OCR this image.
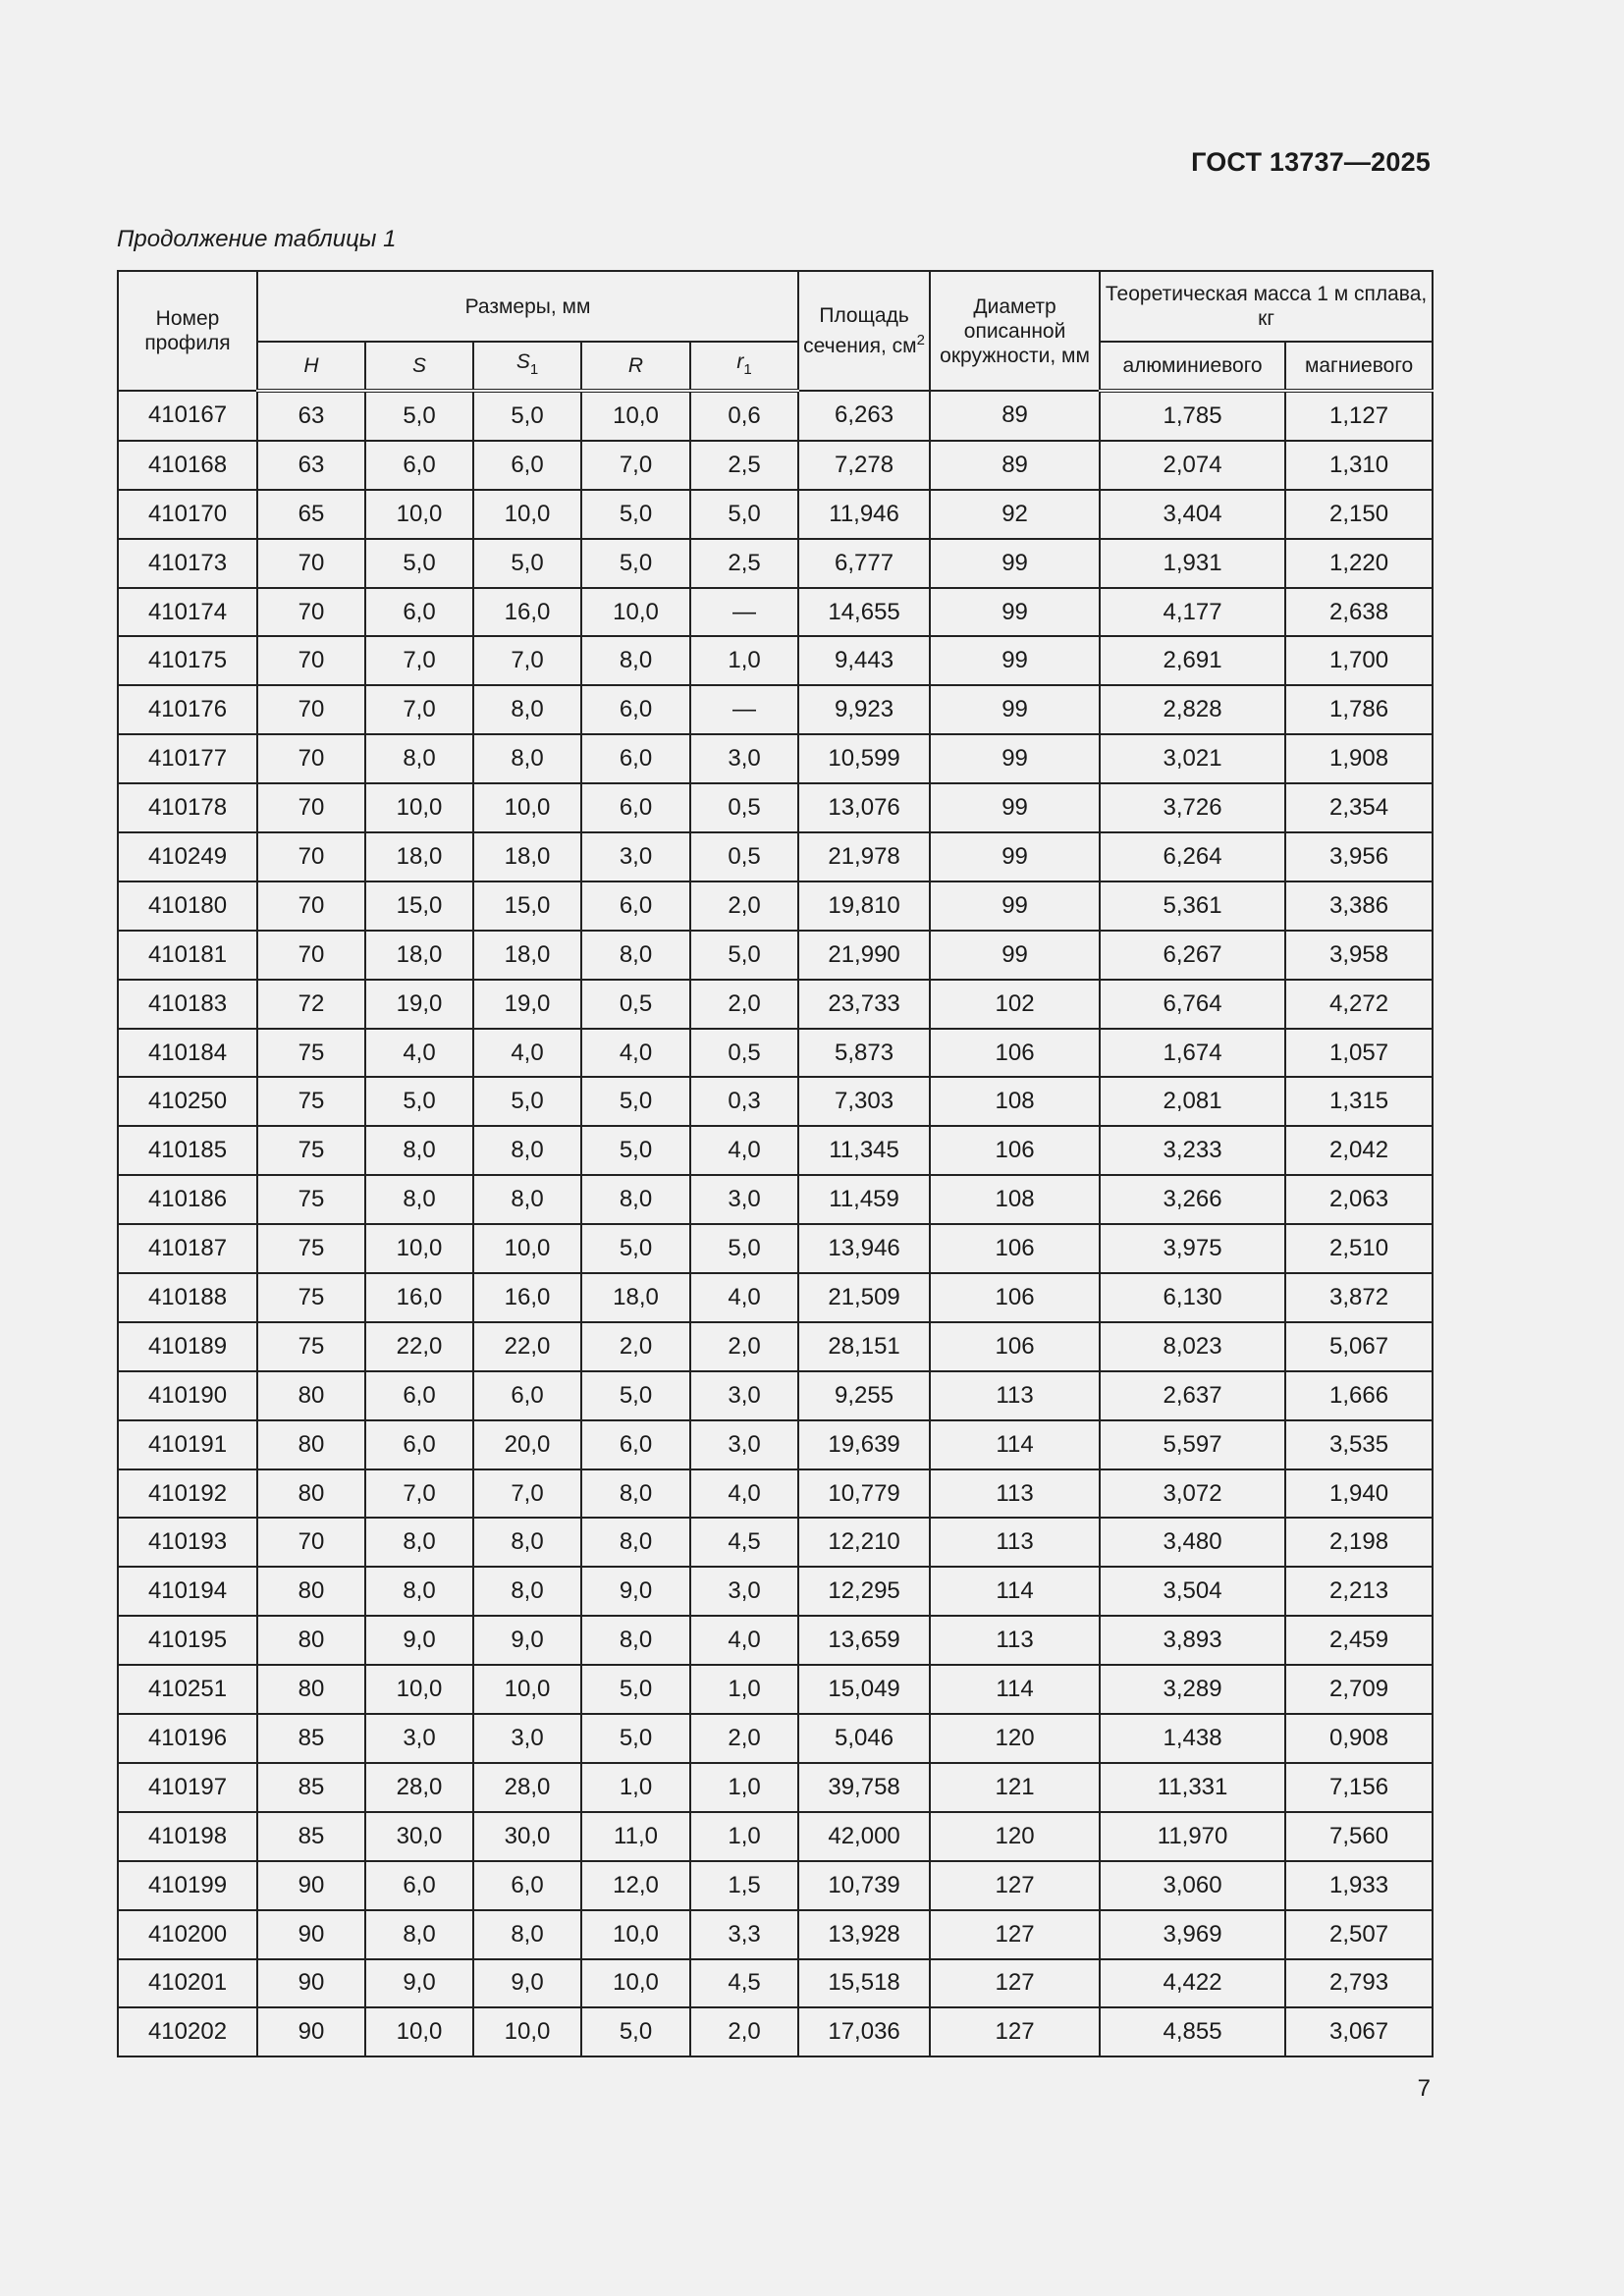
ГОСТ 13737—2025
Продолжение таблицы 1
Номер профиля	Размеры, мм					Площадь сечения, $см^2$	Диаметр описанной окружности, мм	Теоретическая масса 1 м сплава, кг	
	H	S	$S_1$	R	$r_1$			алюминиевого	магниевого
410167	63	5,0	5,0	10,0	0,6	6,263	89	1,785	1,127
410168	63	6,0	6,0	7,0	2,5	7,278	89	2,074	1,310
410170	65	10,0	10,0	5,0	5,0	11,946	92	3,404	2,150
410173	70	5,0	5,0	5,0	2,5	6,777	99	1,931	1,220
410174	70	6,0	16,0	10,0	—	14,655	99	4,177	2,638
410175	70	7,0	7,0	8,0	1,0	9,443	99	2,691	1,700
410176	70	7,0	8,0	6,0	—	9,923	99	2,828	1,786
410177	70	8,0	8,0	6,0	3,0	10,599	99	3,021	1,908
410178	70	10,0	10,0	6,0	0,5	13,076	99	3,726	2,354
410249	70	18,0	18,0	3,0	0,5	21,978	99	6,264	3,956
410180	70	15,0	15,0	6,0	2,0	19,810	99	5,361	3,386
410181	70	18,0	18,0	8,0	5,0	21,990	99	6,267	3,958
410183	72	19,0	19,0	0,5	2,0	23,733	102	6,764	4,272
410184	75	4,0	4,0	4,0	0,5	5,873	106	1,674	1,057
410250	75	5,0	5,0	5,0	0,3	7,303	108	2,081	1,315
410185	75	8,0	8,0	5,0	4,0	11,345	106	3,233	2,042
410186	75	8,0	8,0	8,0	3,0	11,459	108	3,266	2,063
410187	75	10,0	10,0	5,0	5,0	13,946	106	3,975	2,510
410188	75	16,0	16,0	18,0	4,0	21,509	106	6,130	3,872
410189	75	22,0	22,0	2,0	2,0	28,151	106	8,023	5,067
410190	80	6,0	6,0	5,0	3,0	9,255	113	2,637	1,666
410191	80	6,0	20,0	6,0	3,0	19,639	114	5,597	3,535
410192	80	7,0	7,0	8,0	4,0	10,779	113	3,072	1,940
410193	70	8,0	8,0	8,0	4,5	12,210	113	3,480	2,198
410194	80	8,0	8,0	9,0	3,0	12,295	114	3,504	2,213
410195	80	9,0	9,0	8,0	4,0	13,659	113	3,893	2,459
410251	80	10,0	10,0	5,0	1,0	15,049	114	3,289	2,709
410196	85	3,0	3,0	5,0	2,0	5,046	120	1,438	0,908
410197	85	28,0	28,0	1,0	1,0	39,758	121	11,331	7,156
410198	85	30,0	30,0	11,0	1,0	42,000	120	11,970	7,560
410199	90	6,0	6,0	12,0	1,5	10,739	127	3,060	1,933
410200	90	8,0	8,0	10,0	3,3	13,928	127	3,969	2,507
410201	90	9,0	9,0	10,0	4,5	15,518	127	4,422	2,793
410202	90	10,0	10,0	5,0	2,0	17,036	127	4,855	3,067
7
